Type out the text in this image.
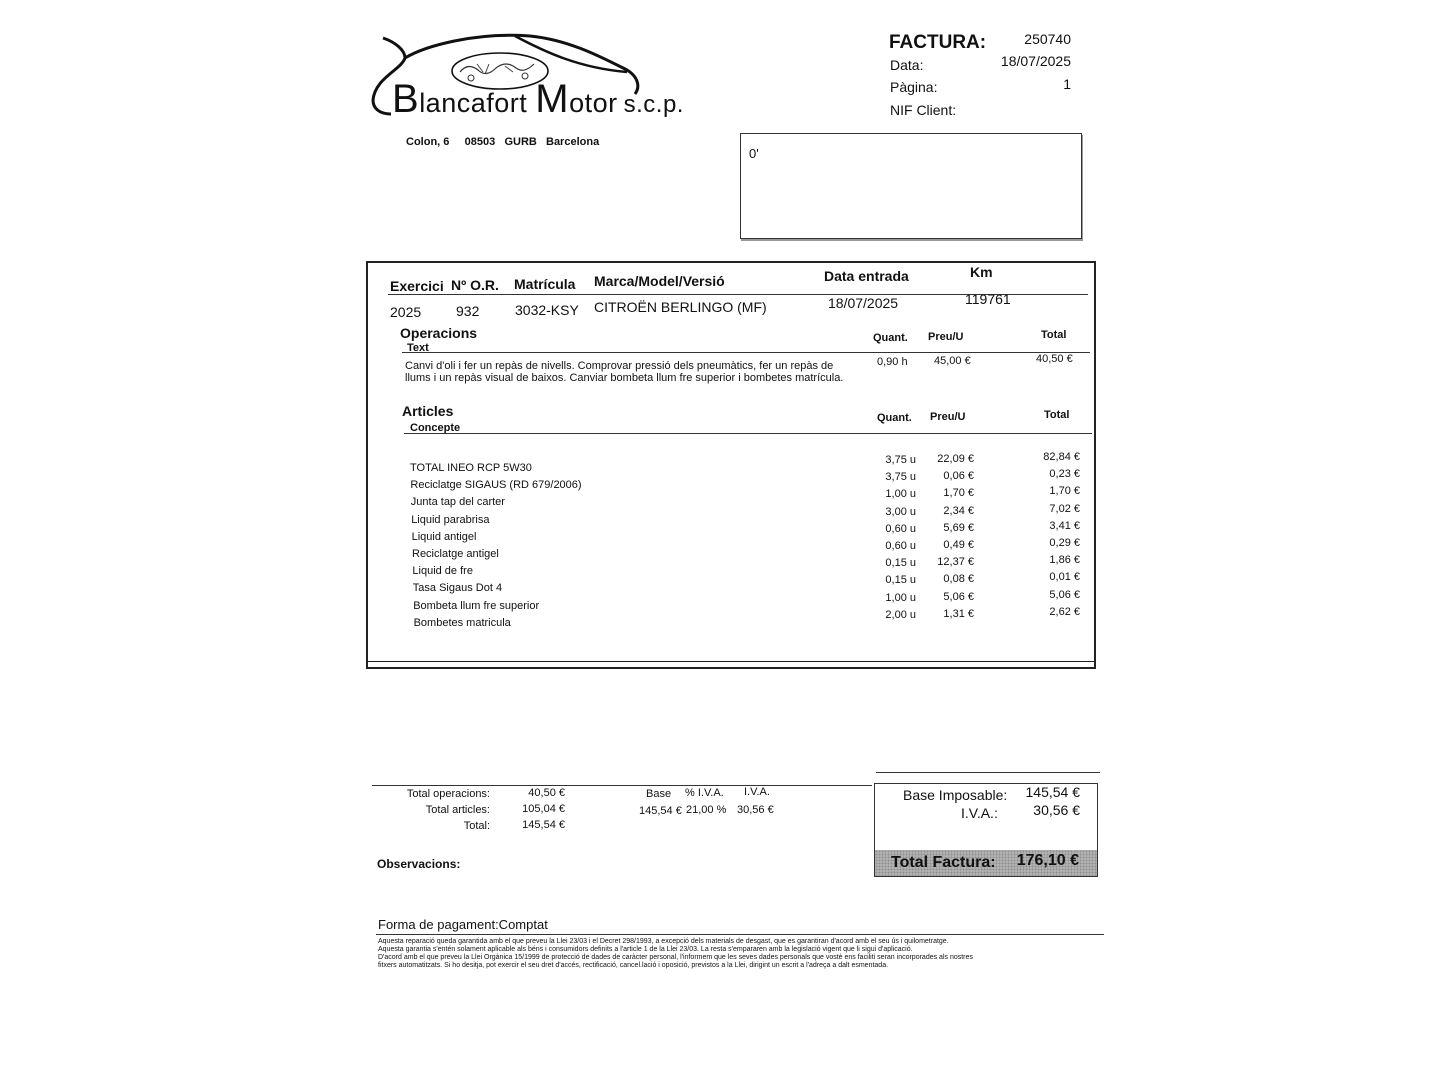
Blancafort Motor s.c.p.
Colon, 6 08503 GURB Barcelona
FACTURA:	250740
Data:	18/07/2025
Pàgina:	1
NIF Client:
0'
Exercici Nº O.R. Matrícula Marca/Model/Versió	Data entrada	Km
2025 932	3032-KSY CITROËN BERLINGO (MF)	18/07/2025	119761
Operacions
Text
Quant. Preu/U	Total
Canvi d'oli i fer un repàs de nivells. Comprovar pressió dels pneumàtics, fer un repàs de llums i un repàs visual de baixos. Canviar bombeta llum fre superior i bombetes matrícula.
0,90 h 45,00 €	40,50 €
Articles
Concepte
Quant. Preu/U	Total
TOTAL INEO RCP 5W30
3,75 u	22,09 €	82,84 €
Reciclatge SIGAUS (RD 679/2006)
3,75 u	0,06 €	0,23 €
Junta tap del carter
1,00 u	1,70 €	1,70 €
Liquid parabrisa
3,00 u	2,34 €	7,02 €
Liquid antigel
0,60 u	5,69 €	3,41 €
Reciclatge antigel
0,60 u	0,49 €	0,29 €
Liquid de fre
0,15 u	12,37 €	1,86 €
Tasa Sigaus Dot 4
0,15 u	0,08 €	0,01 €
Bombeta llum fre superior
1,00 u	5,06 €	5,06 €
Bombetes matricula
2,00 u	1,31 €	2,62 €
Total operacions:	40,50 €
Total articles:	105,04 €
Total:	145,54 €
Base % I.V.A. I.V.A.
145,54 € 21,00 % 30,56 €
Base Imposable:	145,54 €
I.V.A.:	30,56 €
Total Factura:	176,10 €
Observacions:
Forma de pagament:Comptat
Aquesta reparació queda garantida amb el que preveu la Llei 23/03 i el Decret 298/1993, a excepció dels materials de desgast, que es garantiran d'acord amb el seu ús i quilometratge.
Aquesta garantia s'entén solament aplicable als béns i consumidors definits a l'article 1 de la Llei 23/03. La resta s'empararen amb la legislació vigent que li sigui d'aplicació.
D'acord amb el que preveu la Llei Orgànica 15/1999 de protecció de dades de caràcter personal, l'informem que les seves dades personals que vostè ens faciliti seran incorporades als nostres
fitxers automatitzats. Si ho desitja, pot exercir el seu dret d'accés, rectificació, cancel.lació i oposició, previstos a la Llei, dirigint un escrit a l'adreça a dalt esmentada.
